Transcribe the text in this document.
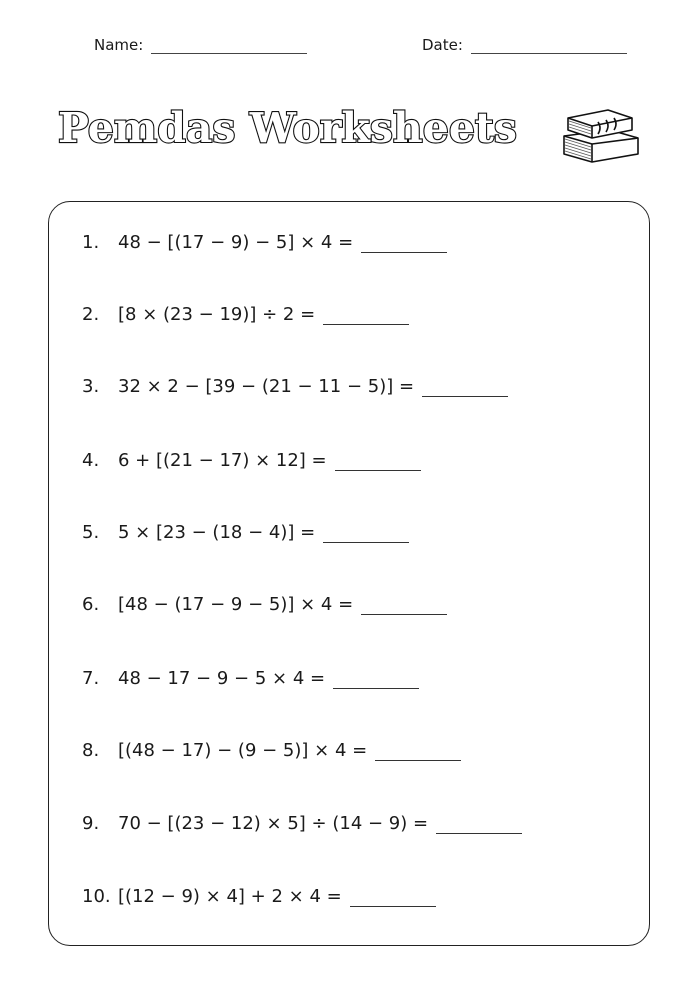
Name:	Date:
Pemdas Worksheets
1.	48 − [(17 − 9) − 5] × 4 =
2.	[8 × (23 − 19)] ÷ 2 =
3.	32 × 2 − [39 − (21 − 11 − 5)] =
4.	6 + [(21 − 17) × 12] =
5.	5 × [23 − (18 − 4)] =
6.	[48 − (17 − 9 − 5)] × 4 =
7.	48 − 17 − 9 − 5 × 4 =
8.	[(48 − 17) − (9 − 5)] × 4 =
9.	70 − [(23 − 12) × 5] ÷ (14 − 9) =
10. [(12 − 9) × 4] + 2 × 4 =
